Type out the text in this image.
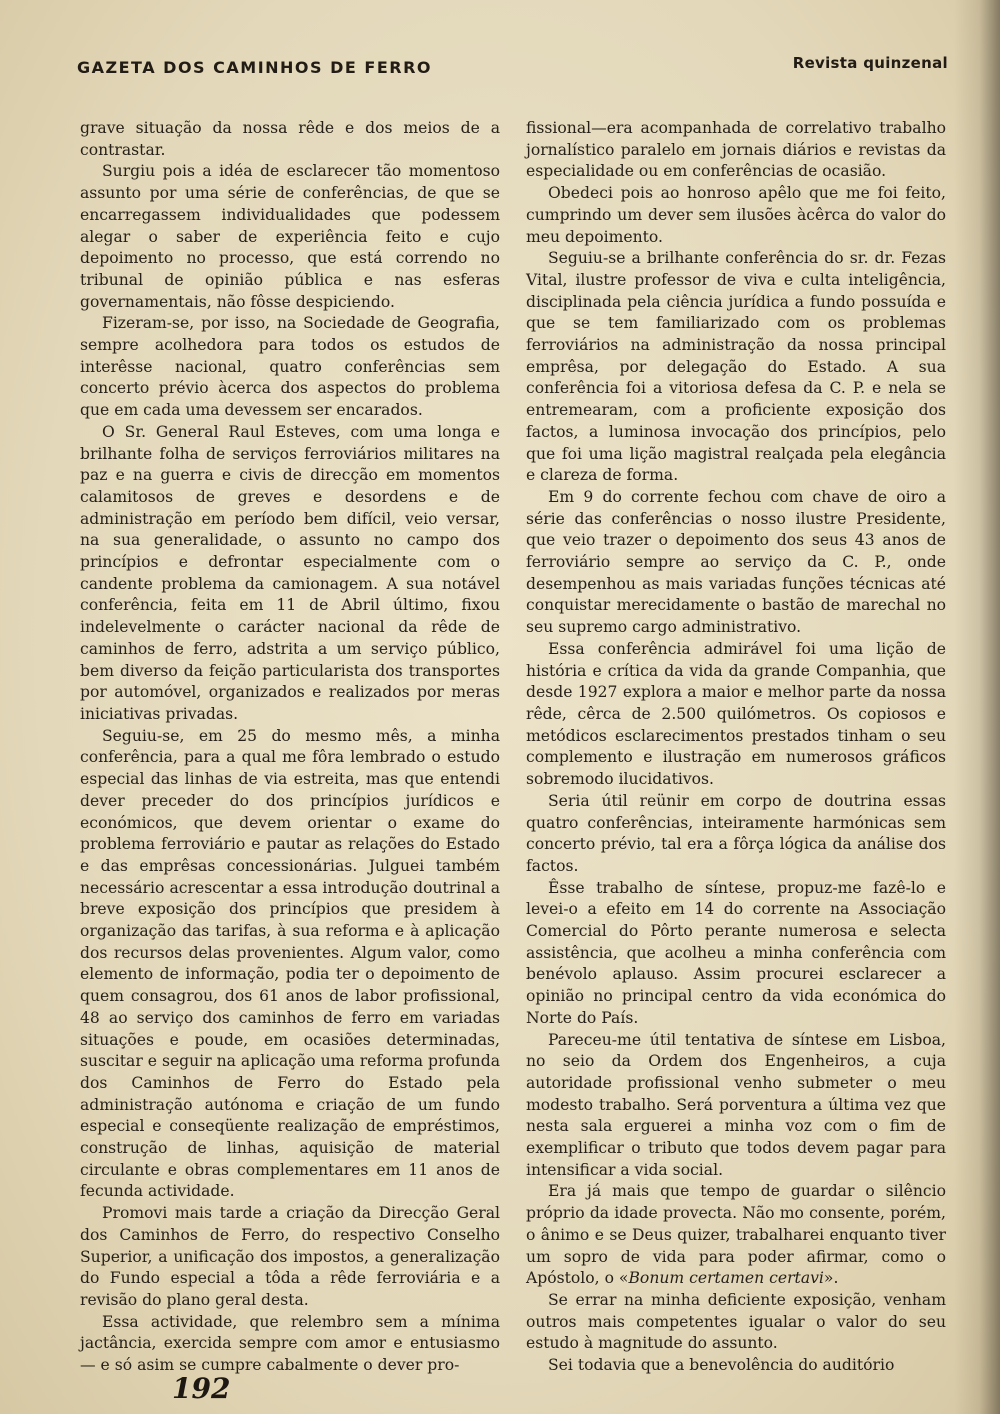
GAZETA DOS CAMINHOS DE FERRO	Revista quinzenal

grave situação da nossa rêde e dos meios de a contrastar.

Surgiu pois a idéa de esclarecer tão momentoso assunto por uma série de conferências, de que se encarregassem individualidades que podessem alegar o saber de experiência feito e cujo depoimento no processo, que está correndo no tribunal de opinião pública e nas esferas governamentais, não fôsse despiciendo.

Fizeram-se, por isso, na Sociedade de Geografia, sempre acolhedora para todos os estudos de interêsse nacional, quatro conferências sem concerto prévio àcerca dos aspectos do problema que em cada uma devessem ser encarados.

O Sr. General Raul Esteves, com uma longa e brilhante folha de serviços ferroviários militares na paz e na guerra e civis de direcção em momentos calamitosos de greves e desordens e de administração em período bem difícil, veio versar, na sua generalidade, o assunto no campo dos princípios e defrontar especialmente com o candente problema da camionagem. A sua notável conferência, feita em 11 de Abril último, fixou indelevelmente o carácter nacional da rêde de caminhos de ferro, adstrita a um serviço público, bem diverso da feição particularista dos transportes por automóvel, organizados e realizados por meras iniciativas privadas.

Seguiu-se, em 25 do mesmo mês, a minha conferência, para a qual me fôra lembrado o estudo especial das linhas de via estreita, mas que entendi dever preceder do dos princípios jurídicos e económicos, que devem orientar o exame do problema ferroviário e pautar as relações do Estado e das emprêsas concessionárias. Julguei também necessário acrescentar a essa introdução doutrinal a breve exposição dos princípios que presidem à organização das tarifas, à sua reforma e à aplicação dos recursos delas provenientes. Algum valor, como elemento de informação, podia ter o depoimento de quem consagrou, dos 61 anos de labor profissional, 48 ao serviço dos caminhos de ferro em variadas situações e poude, em ocasiões determinadas, suscitar e seguir na aplicação uma reforma profunda dos Caminhos de Ferro do Estado pela administração autónoma e criação de um fundo especial e conseqüente realização de empréstimos, construção de linhas, aquisição de material circulante e obras complementares em 11 anos de fecunda actividade.

Promovi mais tarde a criação da Direcção Geral dos Caminhos de Ferro, do respectivo Conselho Superior, a unificação dos impostos, a generalização do Fundo especial a tôda a rêde ferroviária e a revisão do plano geral desta.

Essa actividade, que relembro sem a mínima jactância, exercida sempre com amor e entusiasmo — e só asim se cumpre cabalmente o dever pro-

fissional—era acompanhada de correlativo trabalho jornalístico paralelo em jornais diários e revistas da especialidade ou em conferências de ocasião.

Obedeci pois ao honroso apêlo que me foi feito, cumprindo um dever sem ilusões àcêrca do valor do meu depoimento.

Seguiu-se a brilhante conferência do sr. dr. Fezas Vital, ilustre professor de viva e culta inteligência, disciplinada pela ciência jurídica a fundo possuída e que se tem familiarizado com os problemas ferroviários na administração da nossa principal emprêsa, por delegação do Estado. A sua conferência foi a vitoriosa defesa da C. P. e nela se entremearam, com a proficiente exposição dos factos, a luminosa invocação dos princípios, pelo que foi uma lição magistral realçada pela elegância e clareza de forma.

Em 9 do corrente fechou com chave de oiro a série das conferências o nosso ilustre Presidente, que veio trazer o depoimento dos seus 43 anos de ferroviário sempre ao serviço da C. P., onde desempenhou as mais variadas funções técnicas até conquistar merecidamente o bastão de marechal no seu supremo cargo administrativo.

Essa conferência admirável foi uma lição de história e crítica da vida da grande Companhia, que desde 1927 explora a maior e melhor parte da nossa rêde, cêrca de 2.500 quilómetros. Os copiosos e metódicos esclarecimentos prestados tinham o seu complemento e ilustração em numerosos gráficos sobremodo ilucidativos.

Seria útil reünir em corpo de doutrina essas quatro conferências, inteiramente harmónicas sem concerto prévio, tal era a fôrça lógica da análise dos factos.

Êsse trabalho de síntese, propuz-me fazê-lo e levei-o a efeito em 14 do corrente na Associação Comercial do Pôrto perante numerosa e selecta assistência, que acolheu a minha conferência com benévolo aplauso. Assim procurei esclarecer a opinião no principal centro da vida económica do Norte do País.

Pareceu-me útil tentativa de síntese em Lisboa, no seio da Ordem dos Engenheiros, a cuja autoridade profissional venho submeter o meu modesto trabalho. Será porventura a última vez que nesta sala erguerei a minha voz com o fim de exemplificar o tributo que todos devem pagar para intensificar a vida social.

Era já mais que tempo de guardar o silêncio próprio da idade provecta. Não mo consente, porém, o ânimo e se Deus quizer, trabalharei enquanto tiver um sopro de vida para poder afirmar, como o Apóstolo, o «Bonum certamen certavi».

Se errar na minha deficiente exposição, venham outros mais competentes igualar o valor do seu estudo à magnitude do assunto.

Sei todavia que a benevolência do auditório

192
